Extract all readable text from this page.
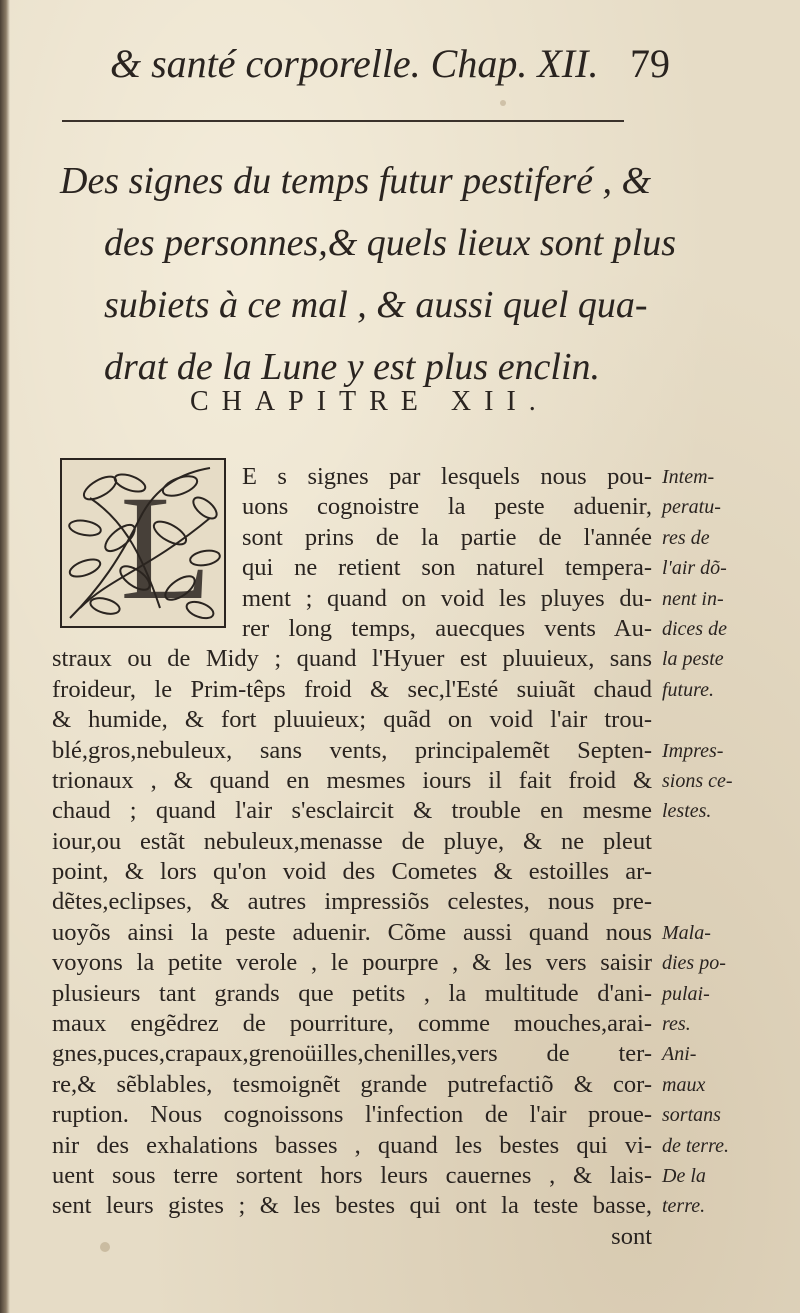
& santé corporelle. Chap. XII. 79
Des signes du temps futur pestiferé , &
des personnes,& quels lieux sont plus
subiets à ce mal , & aussi quel qua-
drat de la Lune y est plus enclin.
CHAPITRE XII.
L E s signes par lesquels nous pou-
uons cognoistre la peste aduenir,
sont prins de la partie de l'année
qui ne retient son naturel tempera-
ment ; quand on void les pluyes du-
rer long temps, auecques vents Au-
straux ou de Midy ; quand l'Hyuer est pluuieux, sans
froideur, le Prim-têps froid & sec,l'Esté suiuãt chaud
& humide, & fort pluuieux; quãd on void l'air trou-
blé,gros,nebuleux, sans vents, principalemẽt Septen-
trionaux , & quand en mesmes iours il fait froid &
chaud ; quand l'air s'esclaircit & trouble en mesme
iour,ou estãt nebuleux,menasse de pluye, & ne pleut
point, & lors qu'on void des Cometes & estoilles ar-
dẽtes,eclipses, & autres impressiõs celestes, nous pre-
uoyõs ainsi la peste aduenir. Cõme aussi quand nous
voyons la petite verole , le pourpre , & les vers saisir
plusieurs tant grands que petits , la multitude d'ani-
maux engẽdrez de pourriture, comme mouches,arai-
gnes,puces,crapaux,grenoüilles,chenilles,vers de ter-
re,& sẽblables, tesmoignẽt grande putrefactiõ & cor-
ruption. Nous cognoissons l'infection de l'air proue-
nir des exhalations basses , quand les bestes qui vi-
uent sous terre sortent hors leurs cauernes , & lais-
sent leurs gistes ; & les bestes qui ont la teste basse,
sont
Intem-
peratu-
res de
l'air dõ-
nent in-
dices de
la peste
future.
Impres-
sions ce-
lestes.
Mala-
dies po-
pulai-
res.
Ani-
maux
sortans
de terre.
De la
terre.
